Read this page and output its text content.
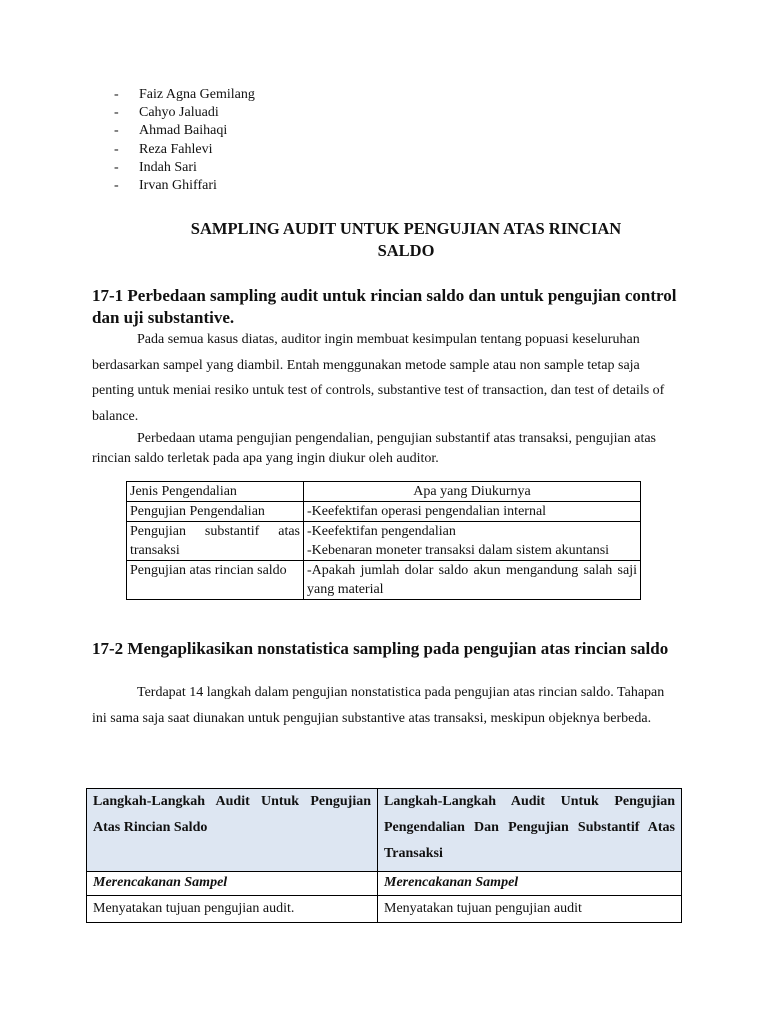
- Faiz Agna Gemilang
- Cahyo Jaluadi
- Ahmad Baihaqi
- Reza Fahlevi
- Indah Sari
- Irvan Ghiffari
SAMPLING AUDIT UNTUK PENGUJIAN ATAS RINCIAN
SALDO
17-1 Perbedaan sampling audit untuk rincian saldo dan untuk pengujian control dan uji substantive.

Pada semua kasus diatas, auditor ingin membuat kesimpulan tentang popuasi keseluruhan berdasarkan sampel yang diambil. Entah menggunakan metode sample atau non sample tetap saja penting untuk meniai resiko untuk test of controls, substantive test of transaction, dan test of details of balance.

Perbedaan utama pengujian pengendalian, pengujian substantif atas transaksi, pengujian atas rincian saldo terletak pada apa yang ingin diukur oleh auditor.

Jenis Pengendalian	Apa yang Diukurnya
Pengujian Pengendalian	-Keefektifan operasi pengendalian internal

Pengujian substantif atas transaksi	-Keefektifan pengendalian
-Kebenaran moneter transaksi dalam sistem akuntansi

Pengujian atas rincian saldo	-Apakah jumlah dolar saldo akun mengandung salah saji yang material
17-2 Mengaplikasikan nonstatistica sampling pada pengujian atas rincian saldo

Terdapat 14 langkah dalam pengujian nonstatistica pada pengujian atas rincian saldo. Tahapan ini sama saja saat diunakan untuk pengujian substantive atas transaksi, meskipun objeknya berbeda.

Langkah-Langkah Audit Untuk Pengujian Atas Rincian Saldo	Langkah-Langkah Audit Untuk Pengujian Pengendalian Dan Pengujian Substantif Atas Transaksi
Merencakanan Sampel	Merencakanan Sampel
Menyatakan tujuan pengujian audit.	Menyatakan tujuan pengujian audit
